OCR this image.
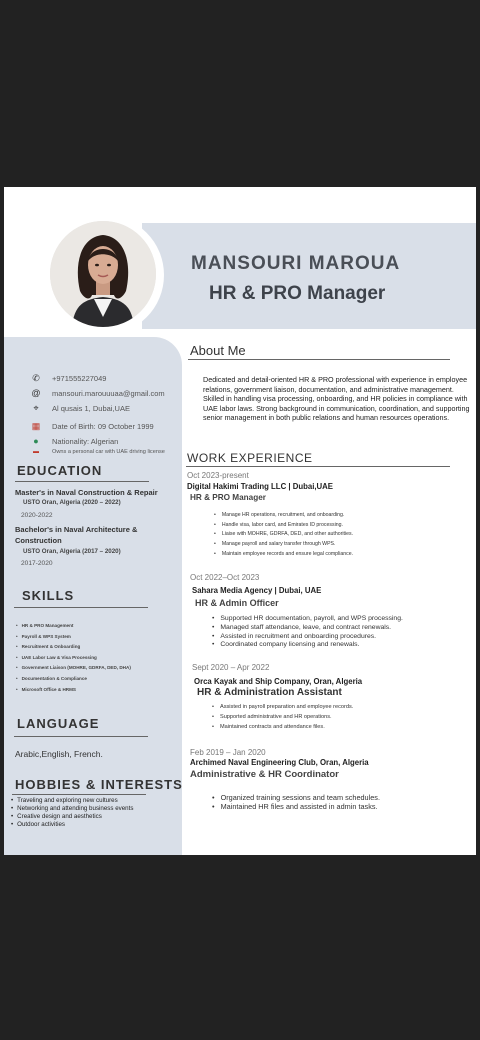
MANSOURI MAROUA
HR & PRO Manager
✆ +971555227049
@ mansouri.marouuuaa@gmail.com
⌖ Al qusais 1, Dubai,UAE
▦ Date of Birth: 09 October 1999
● Nationality: Algerian
▬ Owns a personal car with UAE driving license
EDUCATION
Master's in Naval Construction & Repair
USTO Oran, Algeria (2020 – 2022)
2020-2022
Bachelor's in Naval Architecture & Construction
USTO Oran, Algeria (2017 – 2020)
2017-2020
SKILLS
• HR & PRO Management
• Payroll & WPS System
• Recruitment & Onboarding
• UAE Labor Law & Visa Processing
• Government Liaison (MOHRE, GDRFA, DED, DHA)
• Documentation & Compliance
• Microsoft Office & HRMS
LANGUAGE
Arabic,English, French.
HOBBIES & INTERESTS
• Traveling and exploring new cultures
• Networking and attending business events
• Creative design and aesthetics
• Outdoor activities
About Me
Dedicated and detail-oriented HR & PRO professional with experience in employee relations, government liaison, documentation, and administrative management. Skilled in handling visa processing, onboarding, and HR policies in compliance with UAE labor laws. Strong background in communication, coordination, and supporting senior management in both public relations and human resources operations.
WORK EXPERIENCE
Oct 2023-present
Digital Hakimi Trading LLC | Dubai,UAE
HR & PRO Manager
• Manage HR operations, recruitment, and onboarding.
• Handle visa, labor card, and Emirates ID processing.
• Liaise with MOHRE, GDRFA, DED, and other authorities.
• Manage payroll and salary transfer through WPS.
• Maintain employee records and ensure legal compliance.
Oct 2022–Oct 2023
Sahara Media Agency | Dubai, UAE
HR & Admin Officer
• Supported HR documentation, payroll, and WPS processing.
• Managed staff attendance, leave, and contract renewals.
• Assisted in recruitment and onboarding procedures.
• Coordinated company licensing and renewals.
Sept 2020 – Apr 2022
Orca Kayak and Ship Company, Oran, Algeria
HR & Administration Assistant
• Assisted in payroll preparation and employee records.
• Supported administrative and HR operations.
• Maintained contracts and attendance files.
Feb 2019 – Jan 2020
Archimed Naval Engineering Club, Oran, Algeria
Administrative & HR Coordinator
• Organized training sessions and team schedules.
• Maintained HR files and assisted in admin tasks.
